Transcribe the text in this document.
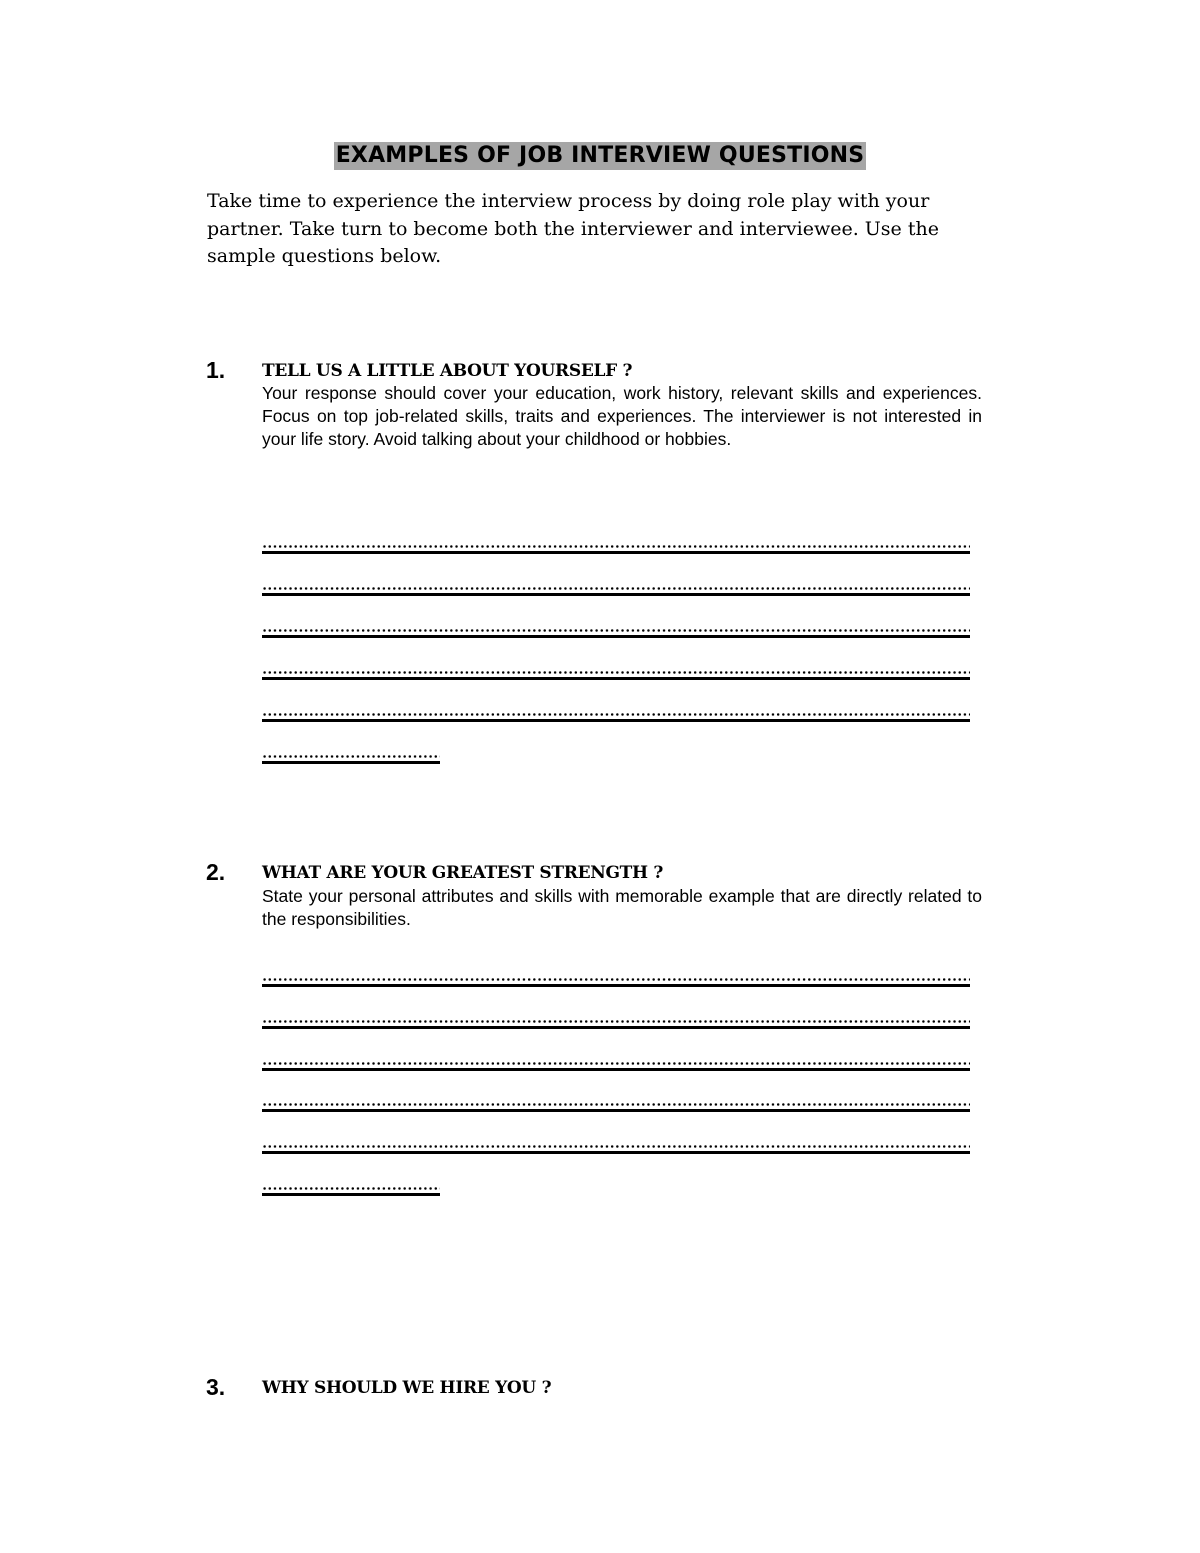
EXAMPLES OF JOB INTERVIEW QUESTIONS
Take time to experience the interview process by doing role play with your partner. Take turn to become both the interviewer and interviewee. Use the sample questions below.
1. TELL US A LITTLE ABOUT YOURSELF ?
Your response should cover your education, work history, relevant skills and experiences. Focus on top job-related skills, traits and experiences. The interviewer is not interested in your life story. Avoid talking about your childhood or hobbies.
2. WHAT ARE YOUR GREATEST STRENGTH ?
State your personal attributes and skills with memorable example that are directly related to the responsibilities.
3. WHY SHOULD WE HIRE YOU ?
